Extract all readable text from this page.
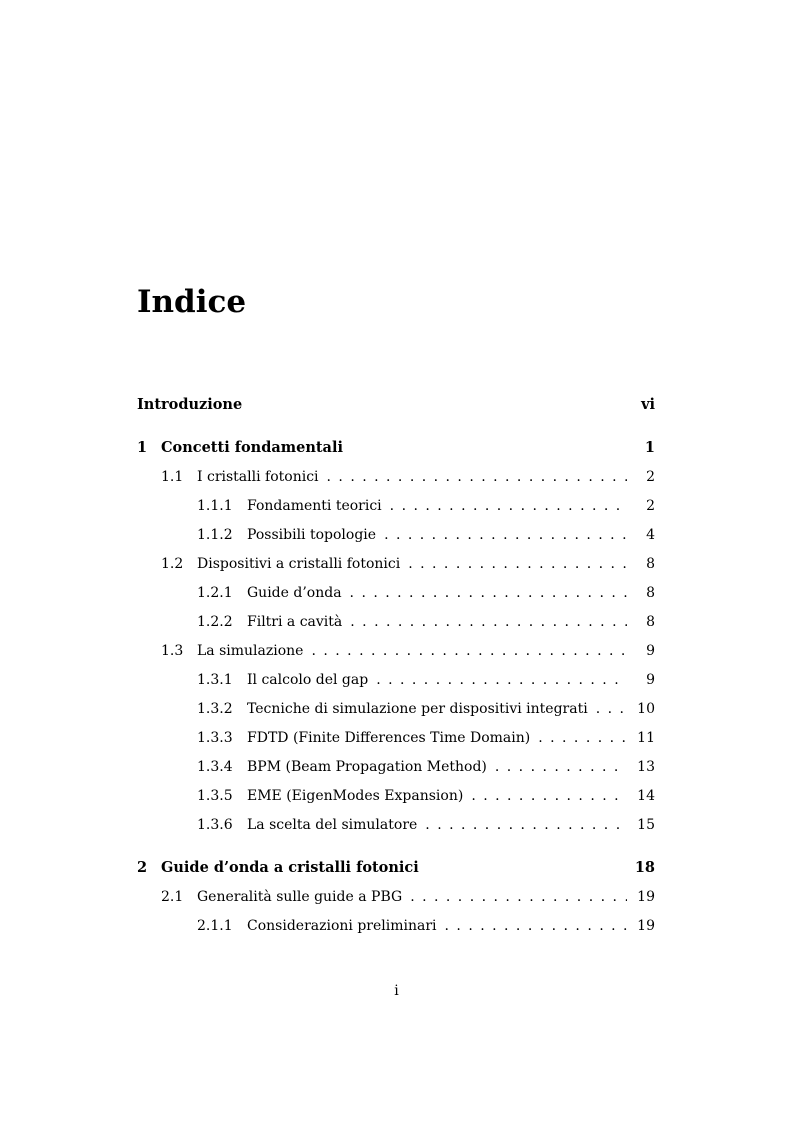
Indice
Introduzione	vi
1 Concetti fondamentali	1
1.1 I cristalli fotonici . . .	2
1.1.1	Fondamenti teorici . . .	2
1.1.2	Possibili topologie . . .	4
1.2 Dispositivi a cristalli fotonici . . .	8
1.2.1	Guide d’onda . . .	8
1.2.2	Filtri a cavità . . .	8
1.3 La simulazione . . .	9
1.3.1	Il calcolo del gap . . .	9
1.3.2	Tecniche di simulazione per dispositivi integrati . . .	10
1.3.3	FDTD (Finite Differences Time Domain) . . .	11
1.3.4	BPM (Beam Propagation Method) . . .	13
1.3.5	EME (EigenModes Expansion) . . .	14
1.3.6	La scelta del simulatore . . .	15
2 Guide d’onda a cristalli fotonici	18
2.1 Generalità sulle guide a PBG . . .	19
2.1.1	Considerazioni preliminari . . .	19
i
